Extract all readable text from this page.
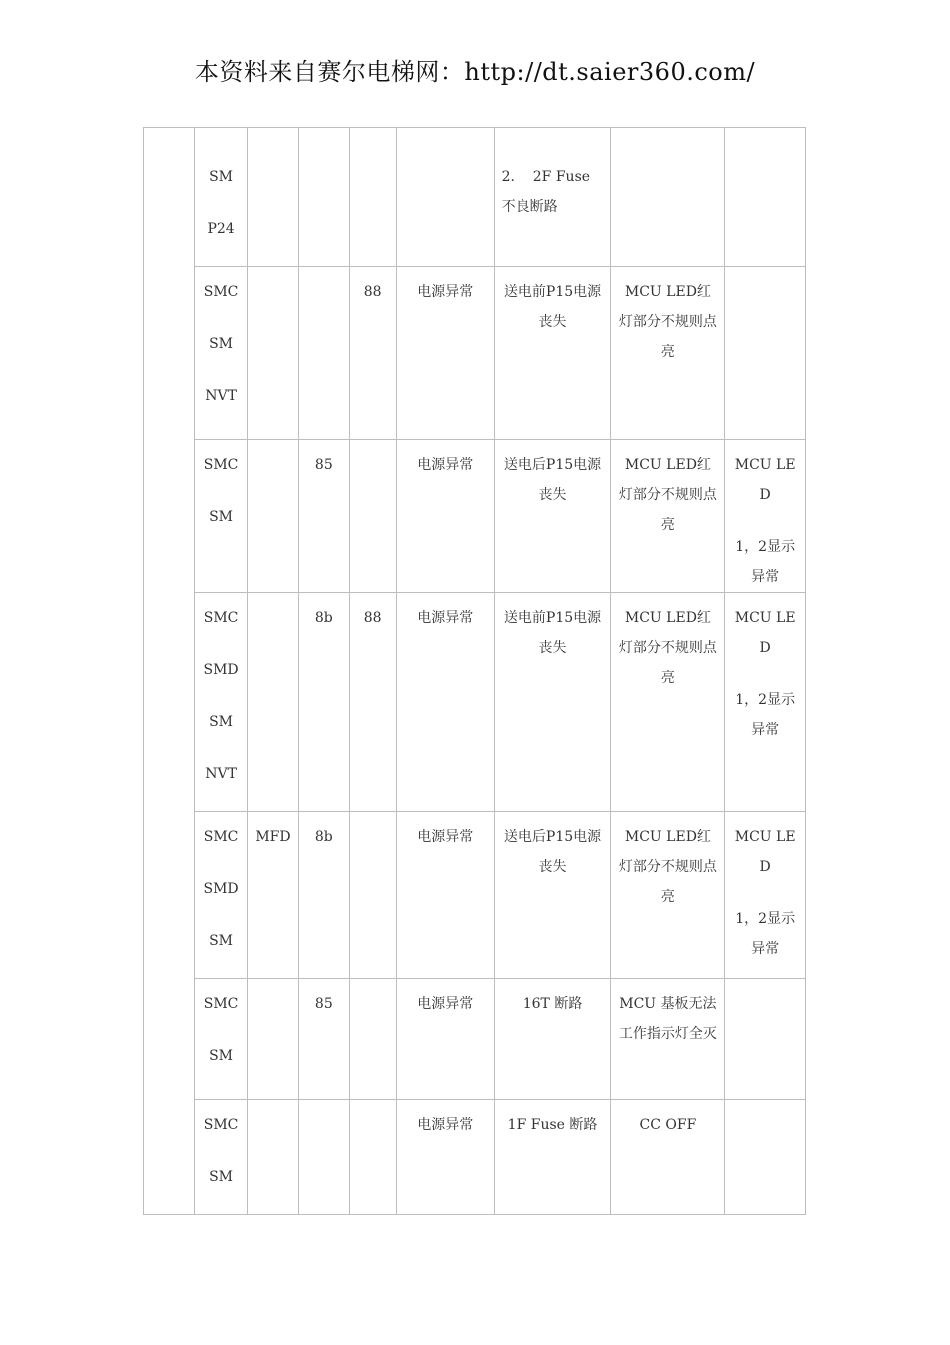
本资料来自赛尔电梯网：http://dt.saier360.com/

	SM
P24					2. 2F Fuse 不良断路		

	SMC
SM
NVT			88	电源异常	送电前P15电源丧失	MCU LED红灯部分不规则点亮	

	SMC
SM		85		电源异常	送电后P15电源丧失	MCU LED红灯部分不规则点亮	MCU LED
1，2显示异常

	SMC
SMD
SM
NVT		8b	88	电源异常	送电前P15电源丧失	MCU LED红灯部分不规则点亮	MCU LED
1，2显示异常

	SMC
SMD
SM	MFD	8b		电源异常	送电后P15电源丧失	MCU LED红灯部分不规则点亮	MCU LED
1，2显示异常

	SMC
SM		85		电源异常	16T 断路	MCU 基板无法工作指示灯全灭	

	SMC
SM				电源异常	1F Fuse 断路	CC OFF	
